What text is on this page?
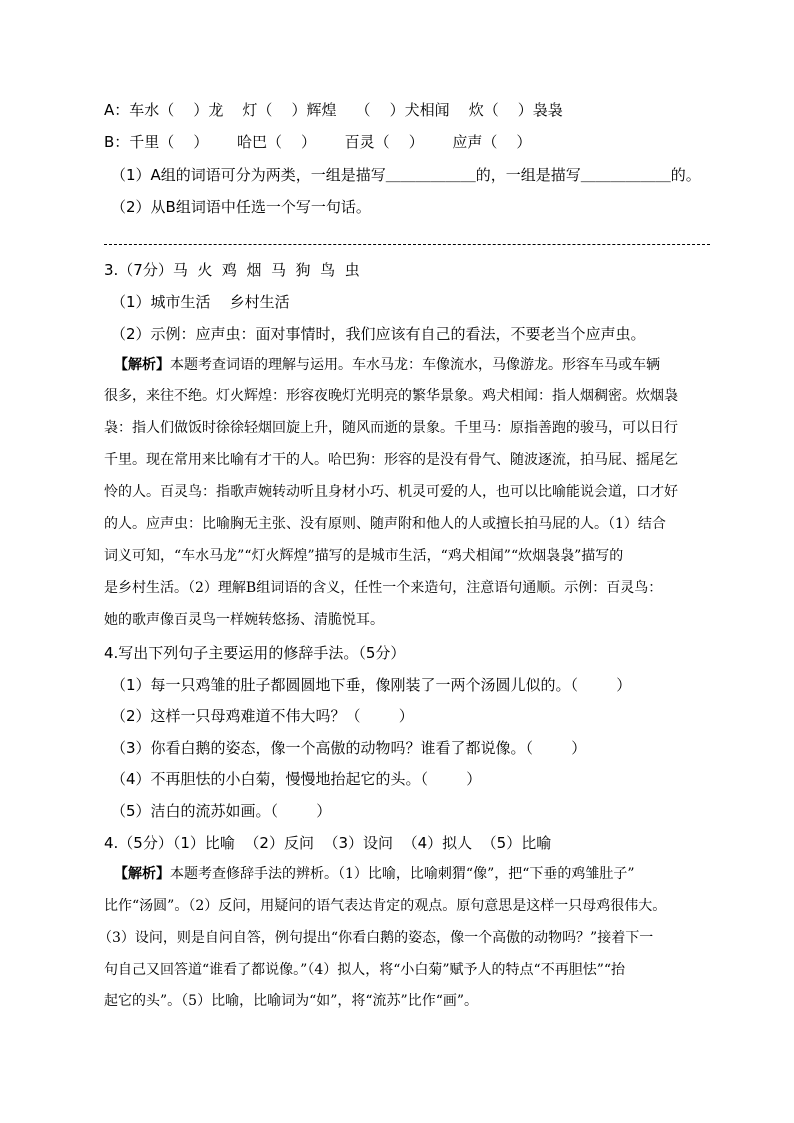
A：车水（    ）龙    灯（    ）辉煌    （    ）犬相闻    炊（    ）袅袅
B：千里（    ）      哈巴（    ）      百灵（    ）      应声（    ）
（1）A组的词语可分为两类，一组是描写＿＿＿＿＿＿的，一组是描写＿＿＿＿＿＿的。
（2）从B组词语中任选一个写一句话。
3.（7分）马  火  鸡  烟  马  狗  鸟  虫
（1）城市生活    乡村生活
（2）示例：应声虫：面对事情时，我们应该有自己的看法，不要老当个应声虫。
【解析】本题考查词语的理解与运用。车水马龙：车像流水，马像游龙。形容车马或车辆
很多，来往不绝。灯火辉煌：形容夜晚灯光明亮的繁华景象。鸡犬相闻：指人烟稠密。炊烟袅
袅：指人们做饭时徐徐轻烟回旋上升，随风而逝的景象。千里马：原指善跑的骏马，可以日行
千里。现在常用来比喻有才干的人。哈巴狗：形容的是没有骨气、随波逐流，拍马屁、摇尾乞
怜的人。百灵鸟：指歌声婉转动听且身材小巧、机灵可爱的人，也可以比喻能说会道，口才好
的人。应声虫：比喻胸无主张、没有原则、随声附和他人的人或擅长拍马屁的人。（1）结合
词义可知，“车水马龙”“灯火辉煌”描写的是城市生活，“鸡犬相闻”“炊烟袅袅”描写的
是乡村生活。（2）理解B组词语的含义，任性一个来造句，注意语句通顺。示例：百灵鸟：
她的歌声像百灵鸟一样婉转悠扬、清脆悦耳。
4.写出下列句子主要运用的修辞手法。（5分）
（1）每一只鸡雏的肚子都圆圆地下垂，像刚装了一两个汤圆儿似的。（        ）
（2）这样一只母鸡难道不伟大吗？（        ）
（3）你看白鹅的姿态，像一个高傲的动物吗？谁看了都说像。（        ）
（4）不再胆怯的小白菊，慢慢地抬起它的头。（        ）
（5）洁白的流苏如画。（        ）
4.（5分）（1）比喻  （2）反问  （3）设问  （4）拟人  （5）比喻
【解析】本题考查修辞手法的辨析。（1）比喻，比喻刺猬“像”，把“下垂的鸡雏肚子”
比作“汤圆”。（2）反问，用疑问的语气表达肯定的观点。原句意思是这样一只母鸡很伟大。
（3）设问，则是自问自答，例句提出“你看白鹅的姿态，像一个高傲的动物吗？”接着下一
句自己又回答道“谁看了都说像。”（4）拟人，将“小白菊”赋予人的特点“不再胆怯”“抬
起它的头”。（5）比喻，比喻词为“如”，将“流苏”比作“画”。
